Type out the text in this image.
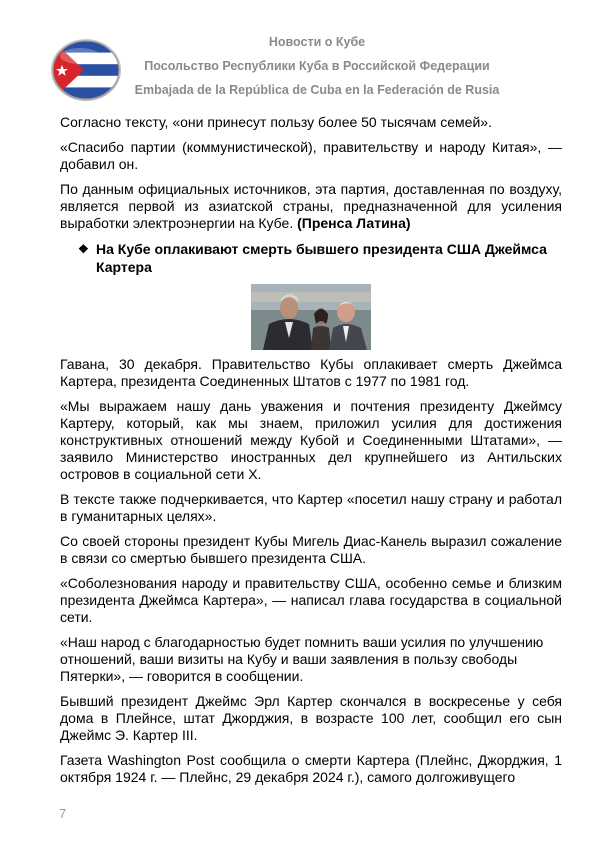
Новости о Кубе
Посольство Республики Куба в Российской Федерации
Embajada de la República de Cuba en la Federación de Rusia

Согласно тексту, «они принесут пользу более 50 тысячам семей».

«Спасибо партии (коммунистической), правительству и народу Китая», — добавил он.

По данным официальных источников, эта партия, доставленная по воздуху, является первой из азиатской страны, предназначенной для усиления выработки электроэнергии на Кубе. (Пренса Латина)

❖ На Кубе оплакивают смерть бывшего президента США Джеймса Картера

Гавана, 30 декабря. Правительство Кубы оплакивает смерть Джеймса Картера, президента Соединенных Штатов с 1977 по 1981 год.

«Мы выражаем нашу дань уважения и почтения президенту Джеймсу Картеру, который, как мы знаем, приложил усилия для достижения конструктивных отношений между Кубой и Соединенными Штатами», — заявило Министерство иностранных дел крупнейшего из Антильских островов в социальной сети Х.

В тексте также подчеркивается, что Картер «посетил нашу страну и работал в гуманитарных целях».

Со своей стороны президент Кубы Мигель Диас-Канель выразил сожаление в связи со смертью бывшего президента США.

«Соболезнования народу и правительству США, особенно семье и близким президента Джеймса Картера», — написал глава государства в социальной сети.

«Наш народ с благодарностью будет помнить ваши усилия по улучшению отношений, ваши визиты на Кубу и ваши заявления в пользу свободы Пятерки», — говорится в сообщении.

Бывший президент Джеймс Эрл Картер скончался в воскресенье у себя дома в Плейнсе, штат Джорджия, в возрасте 100 лет, сообщил его сын Джеймс Э. Картер III.

Газета Washington Post сообщила о смерти Картера (Плейнс, Джорджия, 1 октября 1924 г. — Плейнс, 29 декабря 2024 г.), самого долгоживущего

7
